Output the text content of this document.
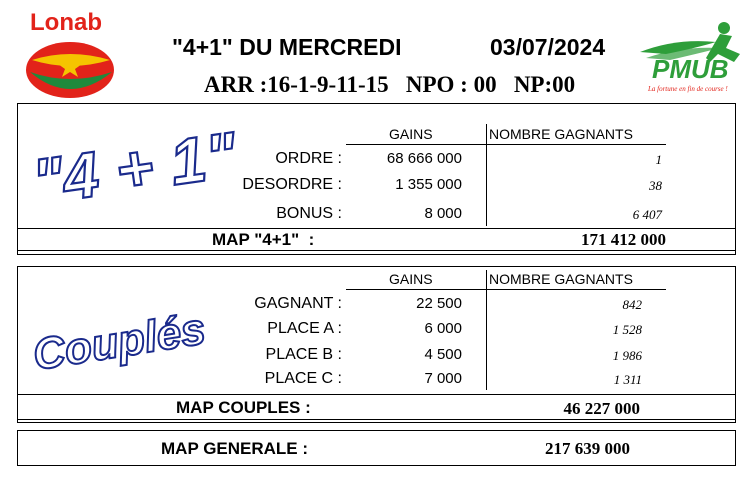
Lonab
"4+1" DU MERCREDI	03/07/2024
ARR :16-1-9-11-15   NPO : 00   NP:00
PMUB
La fortune en fin de course !
"4 + 1"	GAINS	NOMBRE GAGNANTS
ORDRE :	68 666 000	1
DESORDRE :	1 355 000	38
BONUS :	8 000	6 407
MAP "4+1"  :	171 412 000
Couplés
GAINS	NOMBRE GAGNANTS
GAGNANT :	22 500	842
PLACE A :	6 000	1 528
PLACE B :	4 500	1 986
PLACE C :	7 000	1 311
MAP COUPLES :	46 227 000
MAP GENERALE :	217 639 000
